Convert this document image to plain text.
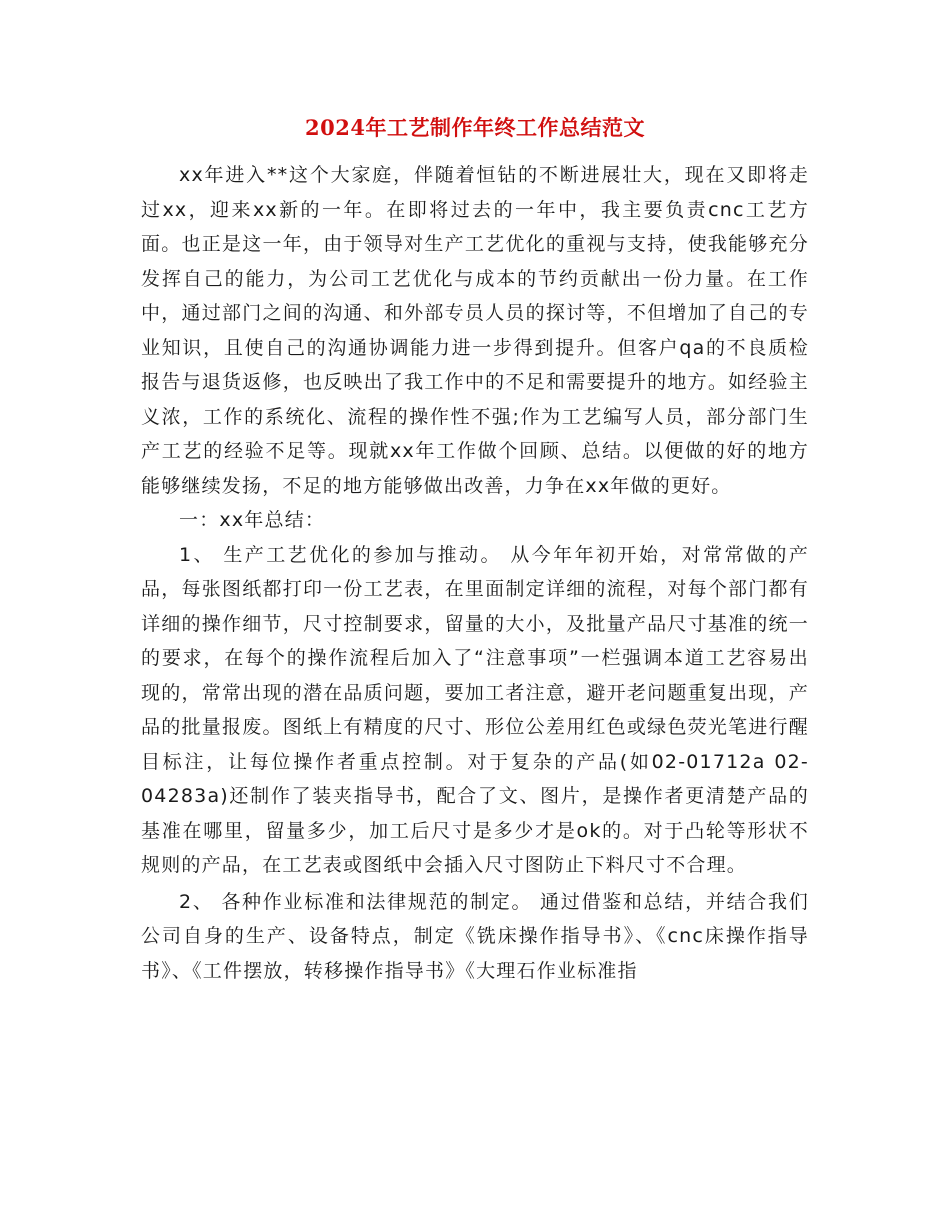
2024年工艺制作年终工作总结范文

xx年进入**这个大家庭，伴随着恒钻的不断进展壮大，现在又即将走过xx，迎来xx新的一年。在即将过去的一年中，我主要负责cnc工艺方面。也正是这一年，由于领导对生产工艺优化的重视与支持，使我能够充分发挥自己的能力，为公司工艺优化与成本的节约贡献出一份力量。在工作中，通过部门之间的沟通、和外部专员人员的探讨等，不但增加了自己的专业知识，且使自己的沟通协调能力进一步得到提升。但客户qa的不良质检报告与退货返修，也反映出了我工作中的不足和需要提升的地方。如经验主义浓，工作的系统化、流程的操作性不强;作为工艺编写人员，部分部门生产工艺的经验不足等。现就xx年工作做个回顾、总结。以便做的好的地方能够继续发扬，不足的地方能够做出改善，力争在xx年做的更好。

一：xx年总结：

1、 生产工艺优化的参加与推动。 从今年年初开始，对常常做的产品，每张图纸都打印一份工艺表，在里面制定详细的流程，对每个部门都有详细的操作细节，尺寸控制要求，留量的大小，及批量产品尺寸基准的统一的要求，在每个的操作流程后加入了“注意事项”一栏强调本道工艺容易出现的，常常出现的潜在品质问题，要加工者注意，避开老问题重复出现，产品的批量报废。图纸上有精度的尺寸、形位公差用红色或绿色荧光笔进行醒目标注，让每位操作者重点控制。对于复杂的产品(如02-01712a 02-04283a)还制作了装夹指导书，配合了文、图片，是操作者更清楚产品的基准在哪里，留量多少，加工后尺寸是多少才是ok的。对于凸轮等形状不规则的产品，在工艺表或图纸中会插入尺寸图防止下料尺寸不合理。

2、 各种作业标准和法律规范的制定。 通过借鉴和总结，并结合我们公司自身的生产、设备特点，制定《铣床操作指导书》、《cnc床操作指导书》、《工件摆放，转移操作指导书》《大理石作业标准指
